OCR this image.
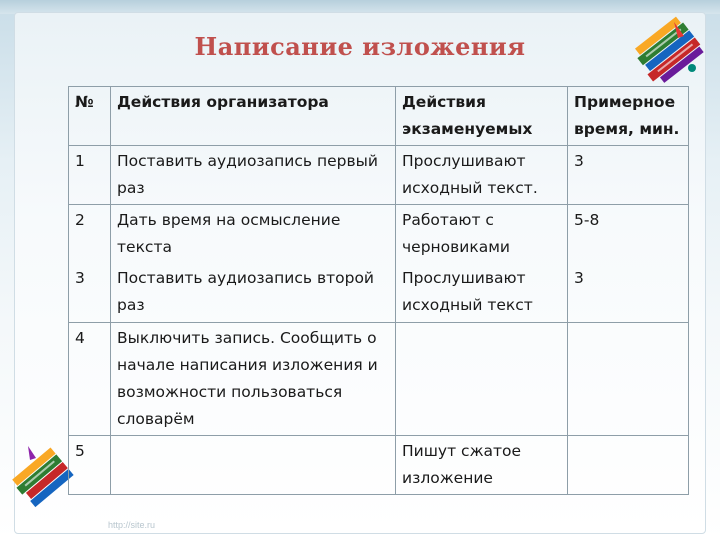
Написание изложения
№	Действия организатора	Действия экзаменуемых	Примерное время, мин.
1	Поставить аудиозапись первый раз	Прослушивают исходный текст.	3
2	Дать время на осмысление текста	Работают с черновиками	5-8
3	Поставить аудиозапись второй раз	Прослушивают исходный текст	3
4	Выключить запись. Сообщить о начале написания изложения и возможности пользоваться словарём		
5		Пишут сжатое изложение	
http://site.ru
